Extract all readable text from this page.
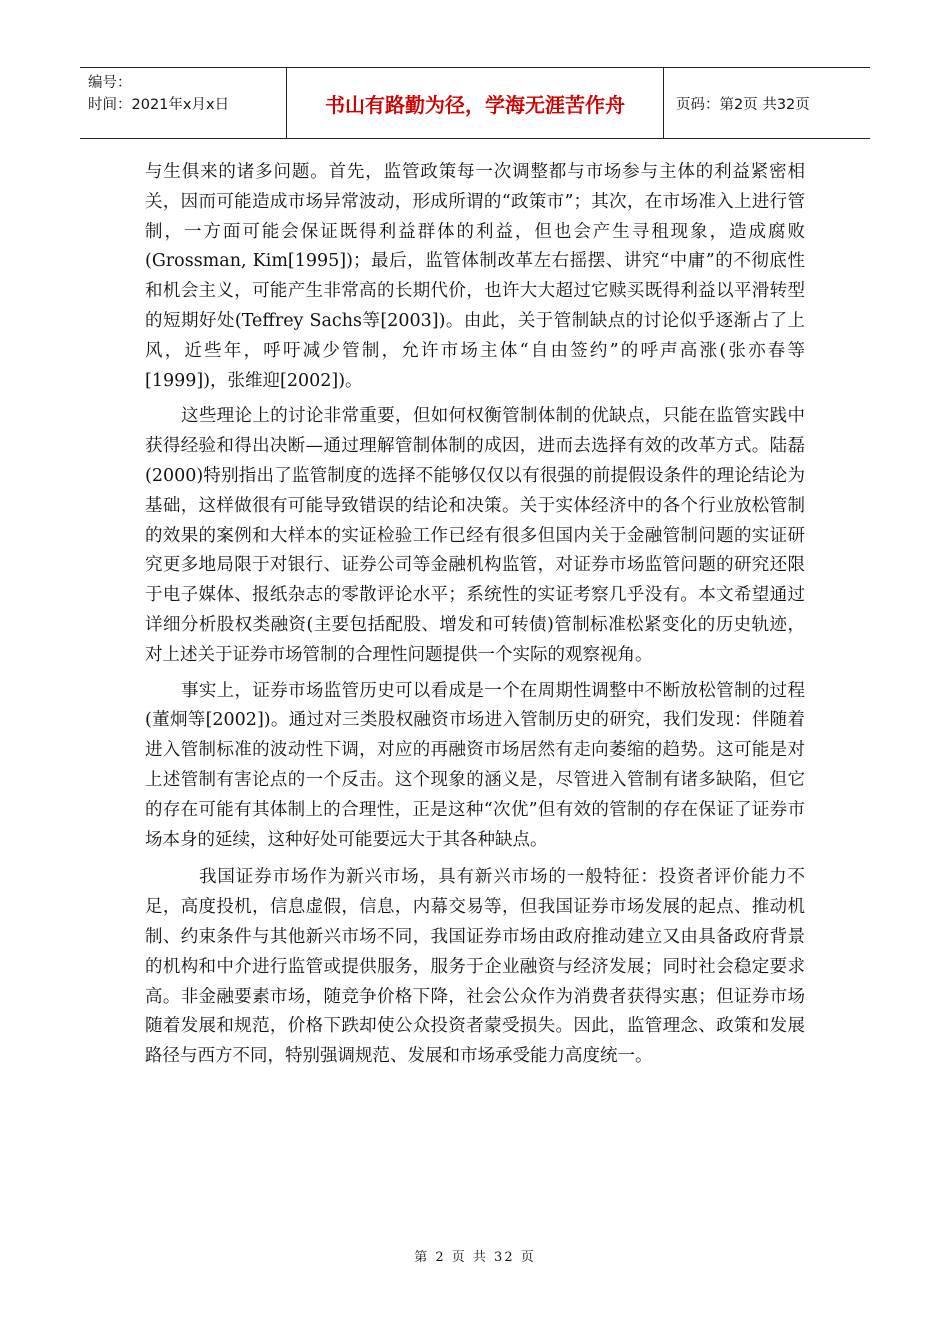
编号：
时间：2021年x月x日	书山有路勤为径，学海无涯苦作舟	页码：第2页 共32页

与生俱来的诸多问题。首先，监管政策每一次调整都与市场参与主体的利益紧密相关，因而可能造成市场异常波动，形成所谓的“政策市”；其次，在市场准入上进行管制，一方面可能会保证既得利益群体的利益，但也会产生寻租现象，造成腐败(Grossman, Kim[1995])；最后，监管体制改革左右摇摆、讲究“中庸”的不彻底性和机会主义，可能产生非常高的长期代价，也许大大超过它赎买既得利益以平滑转型的短期好处(Teffrey Sachs等[2003])。由此，关于管制缺点的讨论似乎逐渐占了上风，近些年，呼吁减少管制，允许市场主体“自由签约”的呼声高涨(张亦春等[1999])，张维迎[2002])。

这些理论上的讨论非常重要，但如何权衡管制体制的优缺点，只能在监管实践中获得经验和得出决断—通过理解管制体制的成因，进而去选择有效的改革方式。陆磊(2000)特别指出了监管制度的选择不能够仅仅以有很强的前提假设条件的理论结论为基础，这样做很有可能导致错误的结论和决策。关于实体经济中的各个行业放松管制的效果的案例和大样本的实证检验工作已经有很多但国内关于金融管制问题的实证研究更多地局限于对银行、证券公司等金融机构监管，对证券市场监管问题的研究还限于电子媒体、报纸杂志的零散评论水平；系统性的实证考察几乎没有。本文希望通过详细分析股权类融资(主要包括配股、增发和可转债)管制标准松紧变化的历史轨迹，对上述关于证券市场管制的合理性问题提供一个实际的观察视角。

事实上，证券市场监管历史可以看成是一个在周期性调整中不断放松管制的过程(董炯等[2002])。通过对三类股权融资市场进入管制历史的研究，我们发现：伴随着进入管制标准的波动性下调，对应的再融资市场居然有走向萎缩的趋势。这可能是对上述管制有害论点的一个反击。这个现象的涵义是，尽管进入管制有诸多缺陷，但它的存在可能有其体制上的合理性，正是这种“次优”但有效的管制的存在保证了证券市场本身的延续，这种好处可能要远大于其各种缺点。

我国证券市场作为新兴市场，具有新兴市场的一般特征：投资者评价能力不足，高度投机，信息虚假，信息，内幕交易等，但我国证券市场发展的起点、推动机制、约束条件与其他新兴市场不同，我国证券市场由政府推动建立又由具备政府背景的机构和中介进行监管或提供服务，服务于企业融资与经济发展；同时社会稳定要求高。非金融要素市场，随竞争价格下降，社会公众作为消费者获得实惠；但证券市场随着发展和规范，价格下跌却使公众投资者蒙受损失。因此，监管理念、政策和发展路径与西方不同，特别强调规范、发展和市场承受能力高度统一。

第 2 页 共 32 页
